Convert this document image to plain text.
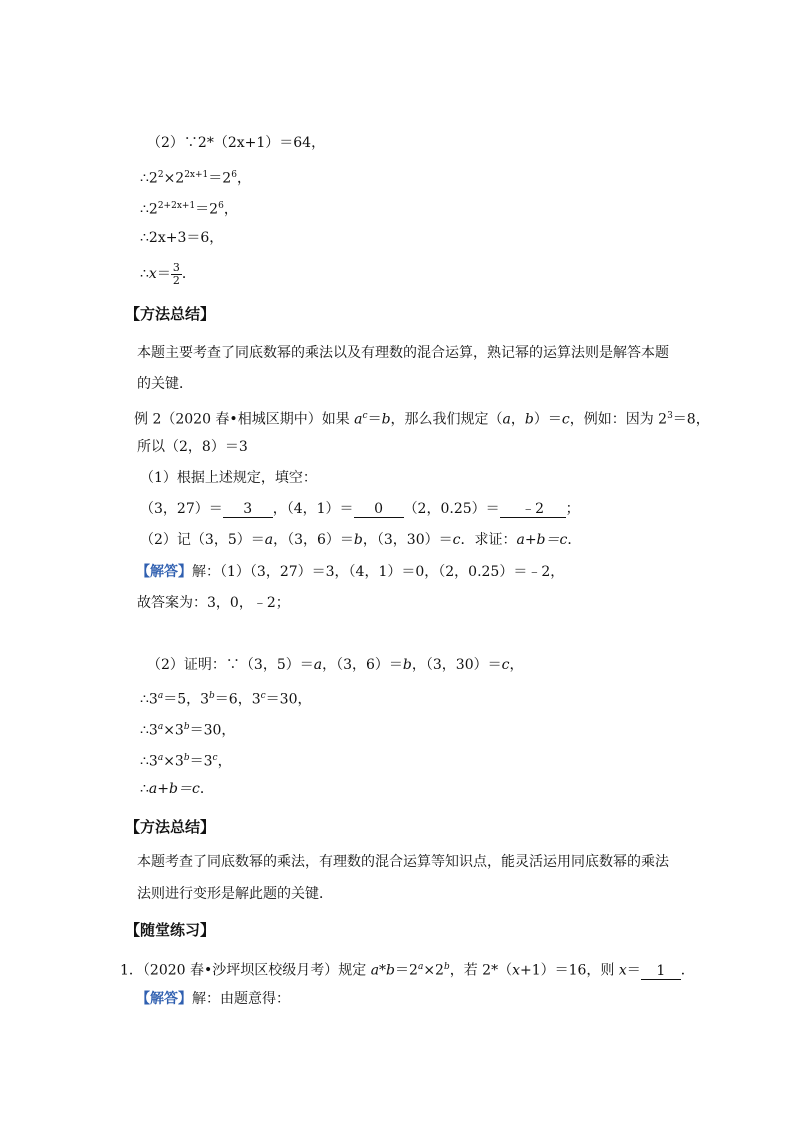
（2）∵2*（2x+1）＝64，
$\therefore 2^2\times 2^{2x+1}=2^6$，
$\therefore 2^{2+2x+1}=2^6$，
∴2x+3＝6，
∴x＝ $\frac{3}{2}$ ．
【方法总结】
本题主要考查了同底数幂的乘法以及有理数的混合运算，熟记幂的运算法则是解答本题
的关键．
例 2（2020 春•相城区期中）如果 $a^c=b$，那么我们规定（a，b）＝c，例如：因为 $2^3=8$，
所以（2，8）＝3
（1）根据上述规定，填空：
（3，27）＝ 3 ，（4，1）＝ 0 （2，0.25）＝ ﹣2 ；
（2）记（3，5）＝a，（3，6）＝b，（3，30）＝c．求证：a+b＝c．
【解答】解：（1）（3，27）＝3，（4，1）＝0，（2，0.25）＝﹣2，
故答案为：3，0，﹣2；
（2）证明：∵（3，5）＝a，（3，6）＝b，（3，30）＝c，
$\therefore 3^a=5$，$3^b=6$，$3^c=30$，
$\therefore 3^a\times 3^b=30$，
$\therefore 3^a\times 3^b=3^c$，
∴a+b＝c．
【方法总结】
本题考查了同底数幂的乘法，有理数的混合运算等知识点，能灵活运用同底数幂的乘法
法则进行变形是解此题的关键．
【随堂练习】
1．（2020 春•沙坪坝区校级月考）规定 $a*b=2^a\times 2^b$，若 2*（x+1）＝16，则 x＝ 1 ．
【解答】解：由题意得：
